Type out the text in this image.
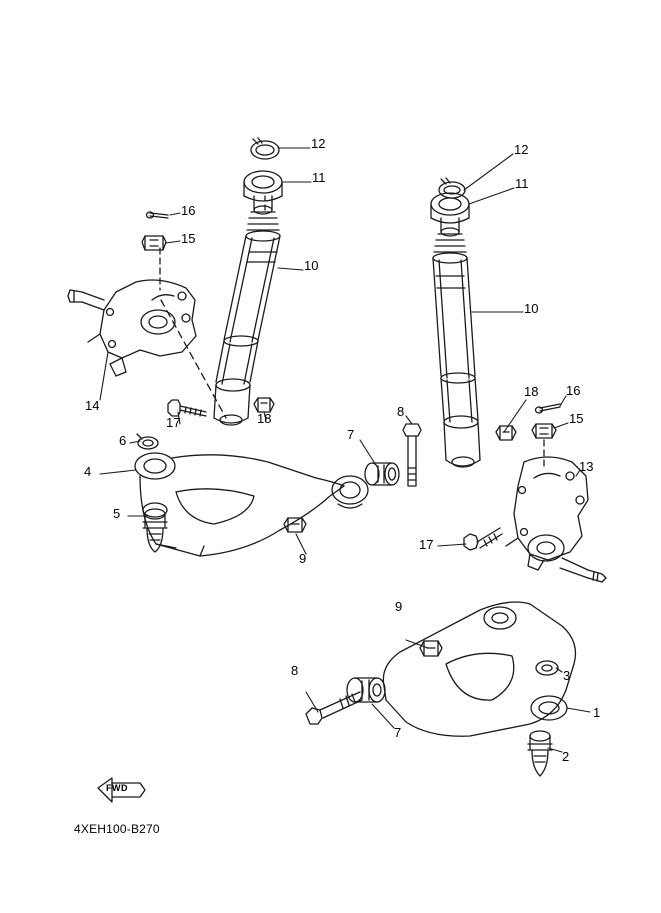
12
11
16
15
12
11
10
10
14
17	18
6
4
5
7
8
9
18 16
15
13
17
9
8
7
3
1
2
FWD
4XEH100-B270
